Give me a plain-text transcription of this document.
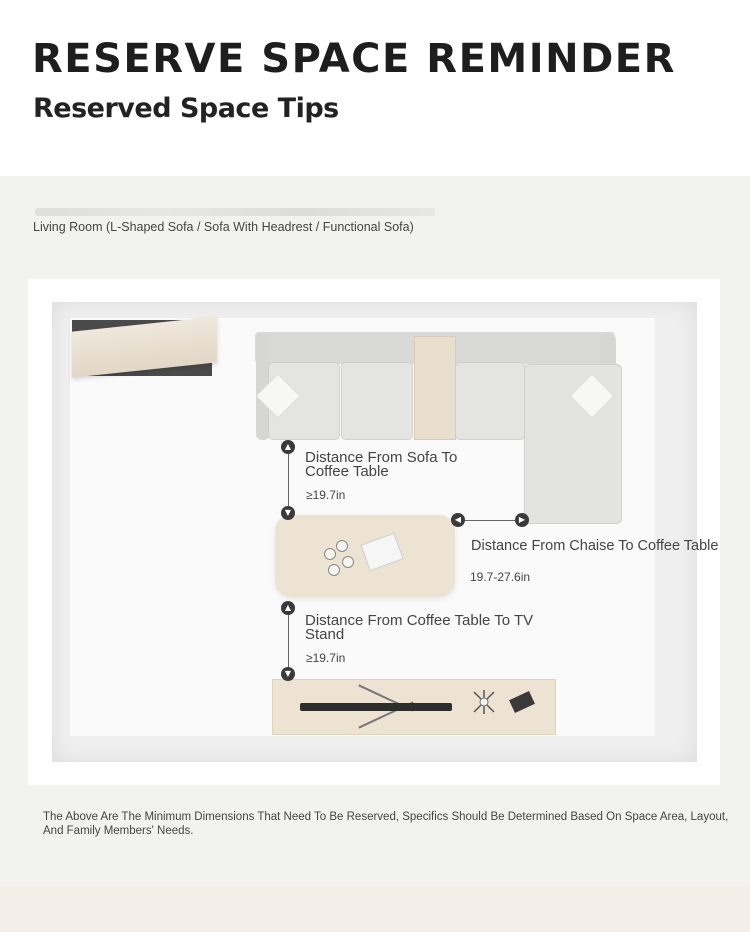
RESERVE SPACE REMINDER
Reserved Space Tips
Living Room (L-Shaped Sofa / Sofa With Headrest / Functional Sofa)
▲
▼
Distance From Sofa To Coffee Table
≥19.7in
◀	▶
Distance From Chaise To Coffee Table
19.7-27.6in
▲
▼
Distance From Coffee Table To TV Stand
≥19.7in
The Above Are The Minimum Dimensions That Need To Be Reserved, Specifics Should Be Determined Based On Space Area, Layout, And Family Members' Needs.
